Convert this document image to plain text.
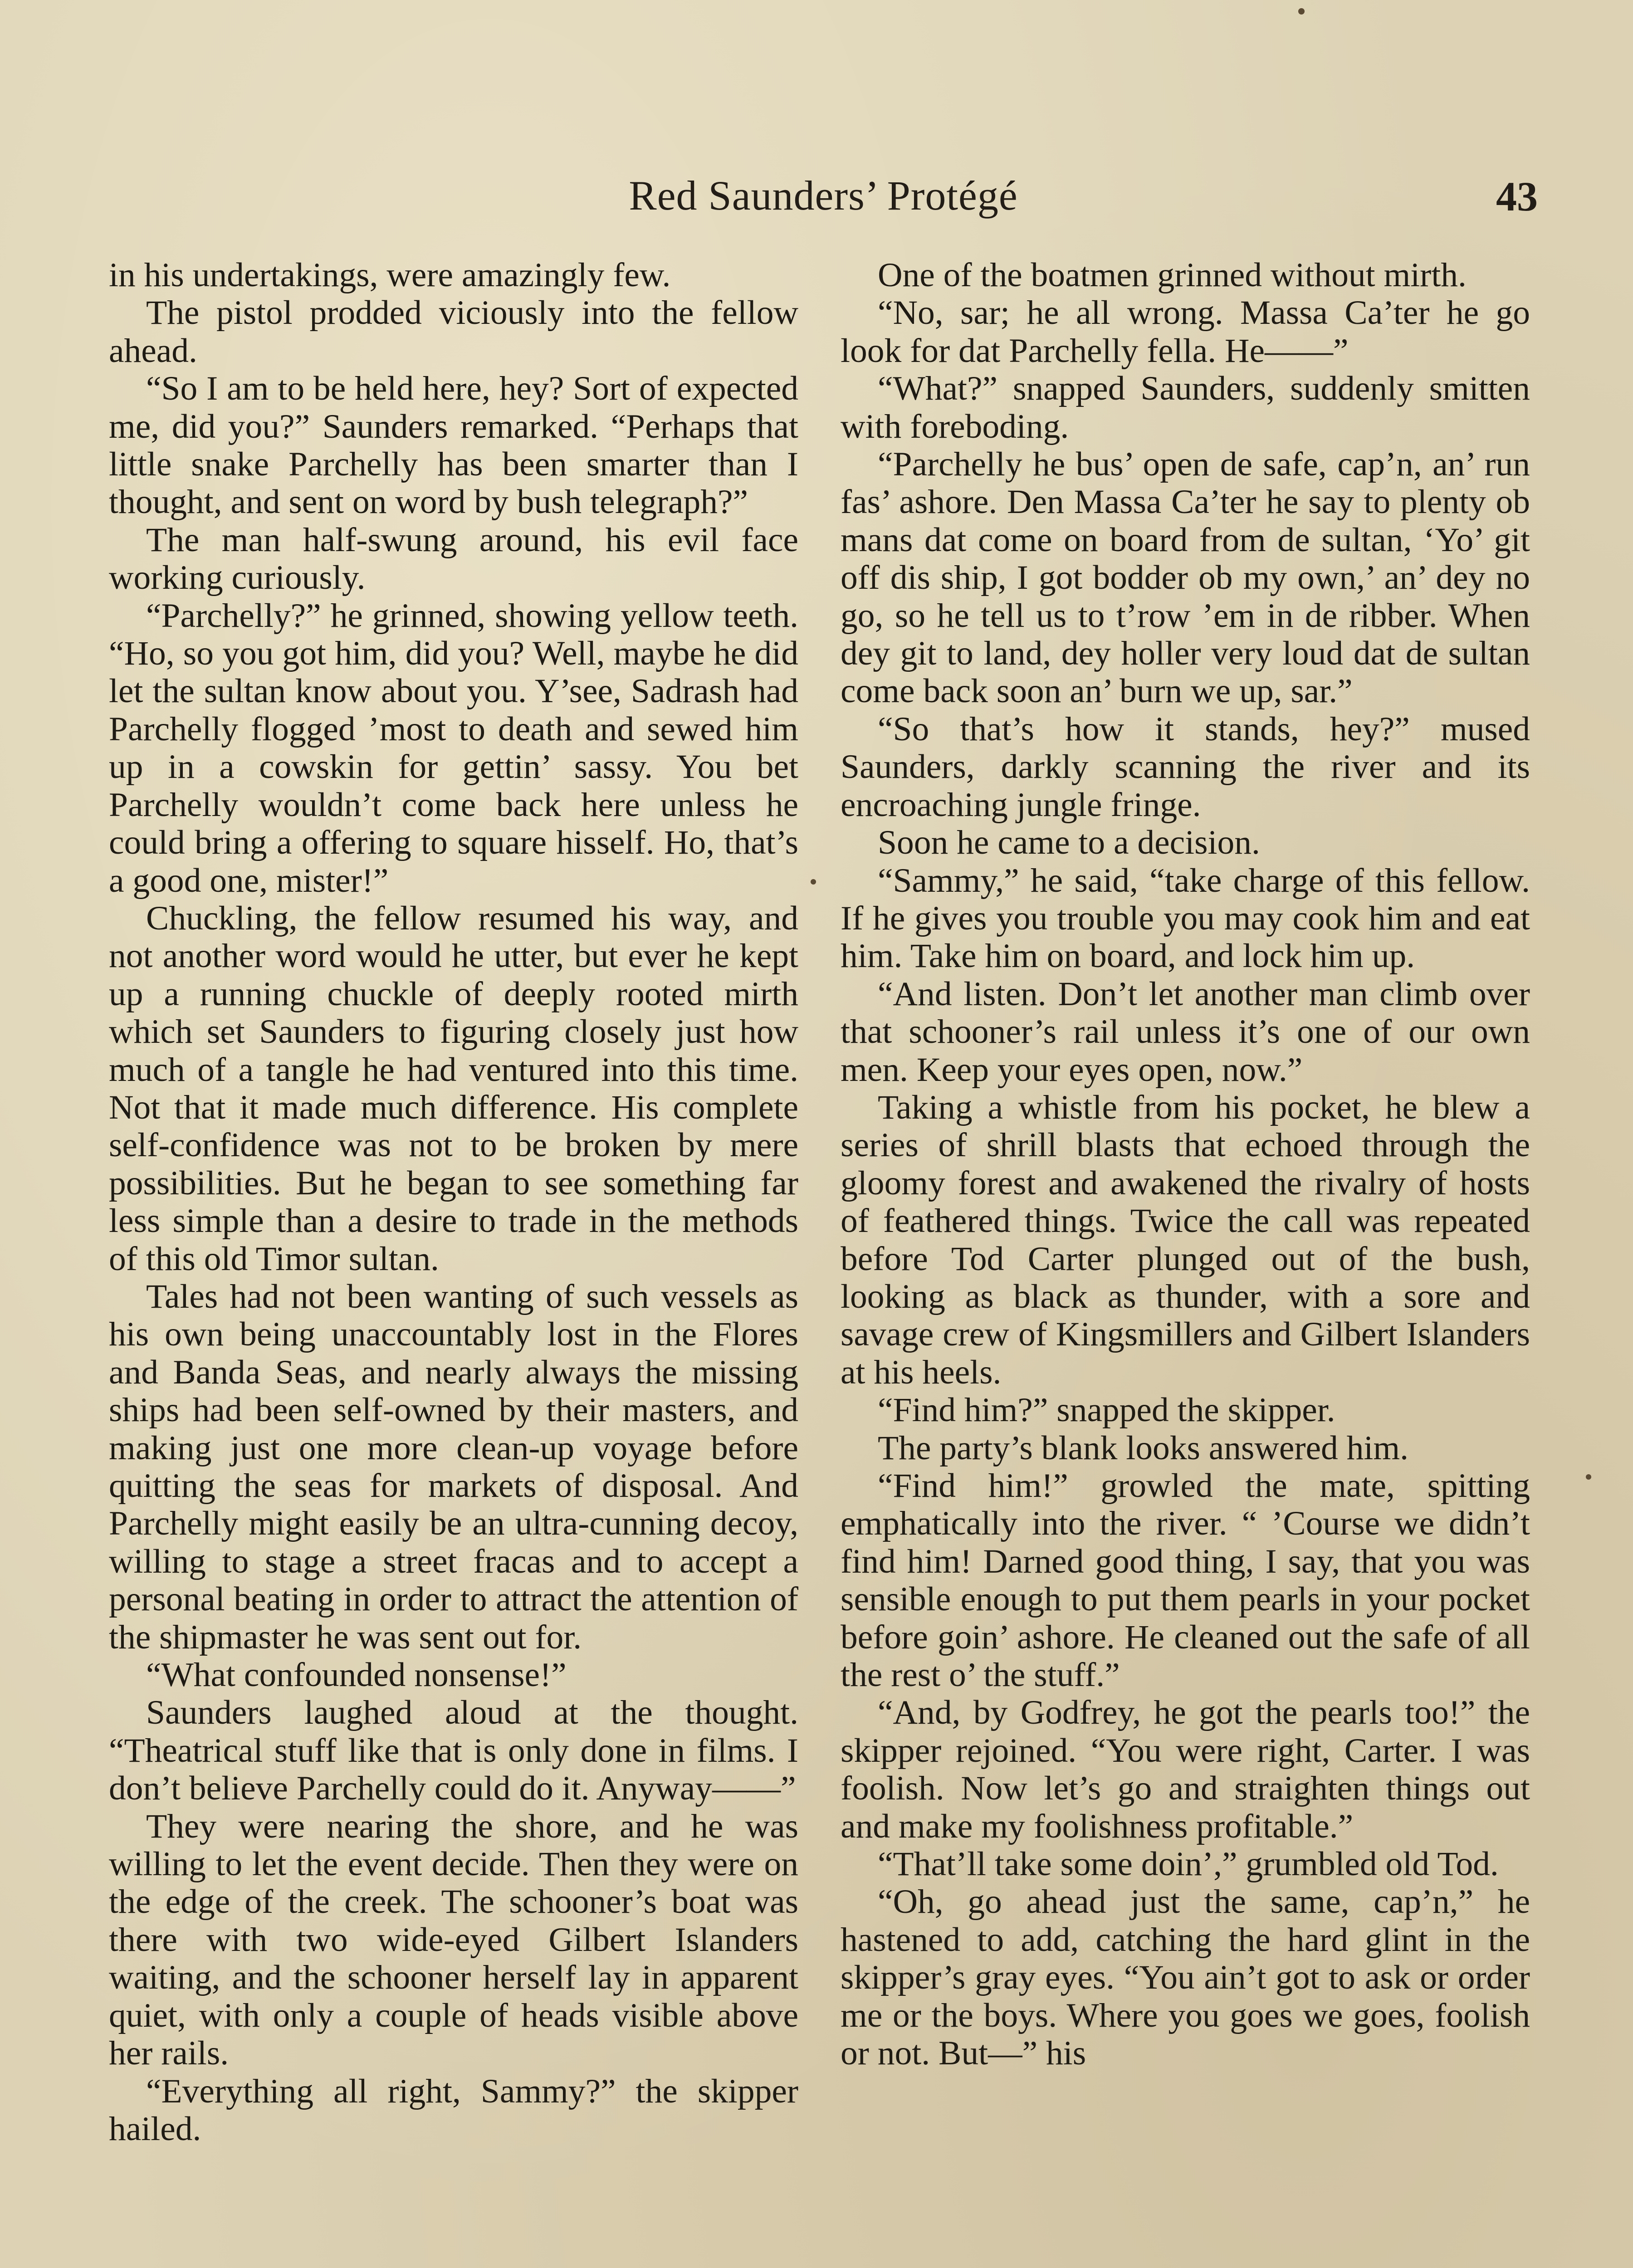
Red Saunders’ Protégé	43

in his undertakings, were amazingly few.

The pistol prodded viciously into the fellow ahead.

“So I am to be held here, hey? Sort of expected me, did you?” Saunders remarked. “Perhaps that little snake Parchelly has been smarter than I thought, and sent on word by bush telegraph?”

The man half-swung around, his evil face working curiously.

“Parchelly?” he grinned, showing yellow teeth. “Ho, so you got him, did you? Well, maybe he did let the sultan know about you. Y’see, Sadrash had Parchelly flogged ’most to death and sewed him up in a cowskin for gettin’ sassy. You bet Parchelly wouldn’t come back here unless he could bring a offering to square hisself. Ho, that’s a good one, mister!”

Chuckling, the fellow resumed his way, and not another word would he utter, but ever he kept up a running chuckle of deeply rooted mirth which set Saunders to figuring closely just how much of a tangle he had ventured into this time. Not that it made much difference. His complete self-confidence was not to be broken by mere possibilities. But he began to see something far less simple than a desire to trade in the methods of this old Timor sultan.

Tales had not been wanting of such vessels as his own being unaccountably lost in the Flores and Banda Seas, and nearly always the missing ships had been self-owned by their masters, and making just one more clean-up voyage before quitting the seas for markets of disposal. And Parchelly might easily be an ultra-cunning decoy, willing to stage a street fracas and to accept a personal beating in order to attract the attention of the shipmaster he was sent out for.

“What confounded nonsense!”

Saunders laughed aloud at the thought. “Theatrical stuff like that is only done in films. I don’t believe Parchelly could do it. Anyway——”

They were nearing the shore, and he was willing to let the event decide. Then they were on the edge of the creek. The schooner’s boat was there with two wide-eyed Gilbert Islanders waiting, and the schooner herself lay in apparent quiet, with only a couple of heads visible above her rails.

“Everything all right, Sammy?” the skipper hailed.

One of the boatmen grinned without mirth.

“No, sar; he all wrong. Massa Ca’ter he go look for dat Parchelly fella. He——”

“What?” snapped Saunders, suddenly smitten with foreboding.

“Parchelly he bus’ open de safe, cap’n, an’ run fas’ ashore. Den Massa Ca’ter he say to plenty ob mans dat come on board from de sultan, ‘Yo’ git off dis ship, I got bodder ob my own,’ an’ dey no go, so he tell us to t’row ’em in de ribber. When dey git to land, dey holler very loud dat de sultan come back soon an’ burn we up, sar.”

“So that’s how it stands, hey?” mused Saunders, darkly scanning the river and its encroaching jungle fringe.

Soon he came to a decision.

“Sammy,” he said, “take charge of this fellow. If he gives you trouble you may cook him and eat him. Take him on board, and lock him up.

“And listen. Don’t let another man climb over that schooner’s rail unless it’s one of our own men. Keep your eyes open, now.”

Taking a whistle from his pocket, he blew a series of shrill blasts that echoed through the gloomy forest and awakened the rivalry of hosts of feathered things. Twice the call was repeated before Tod Carter plunged out of the bush, looking as black as thunder, with a sore and savage crew of Kingsmillers and Gilbert Islanders at his heels.

“Find him?” snapped the skipper.

The party’s blank looks answered him.

“Find him!” growled the mate, spitting emphatically into the river. “ ’Course we didn’t find him! Darned good thing, I say, that you was sensible enough to put them pearls in your pocket before goin’ ashore. He cleaned out the safe of all the rest o’ the stuff.”

“And, by Godfrey, he got the pearls too!” the skipper rejoined. “You were right, Carter. I was foolish. Now let’s go and straighten things out and make my foolishness profitable.”

“That’ll take some doin’,” grumbled old Tod.

“Oh, go ahead just the same, cap’n,” he hastened to add, catching the hard glint in the skipper’s gray eyes. “You ain’t got to ask or order me or the boys. Where you goes we goes, foolish or not. But—” his
